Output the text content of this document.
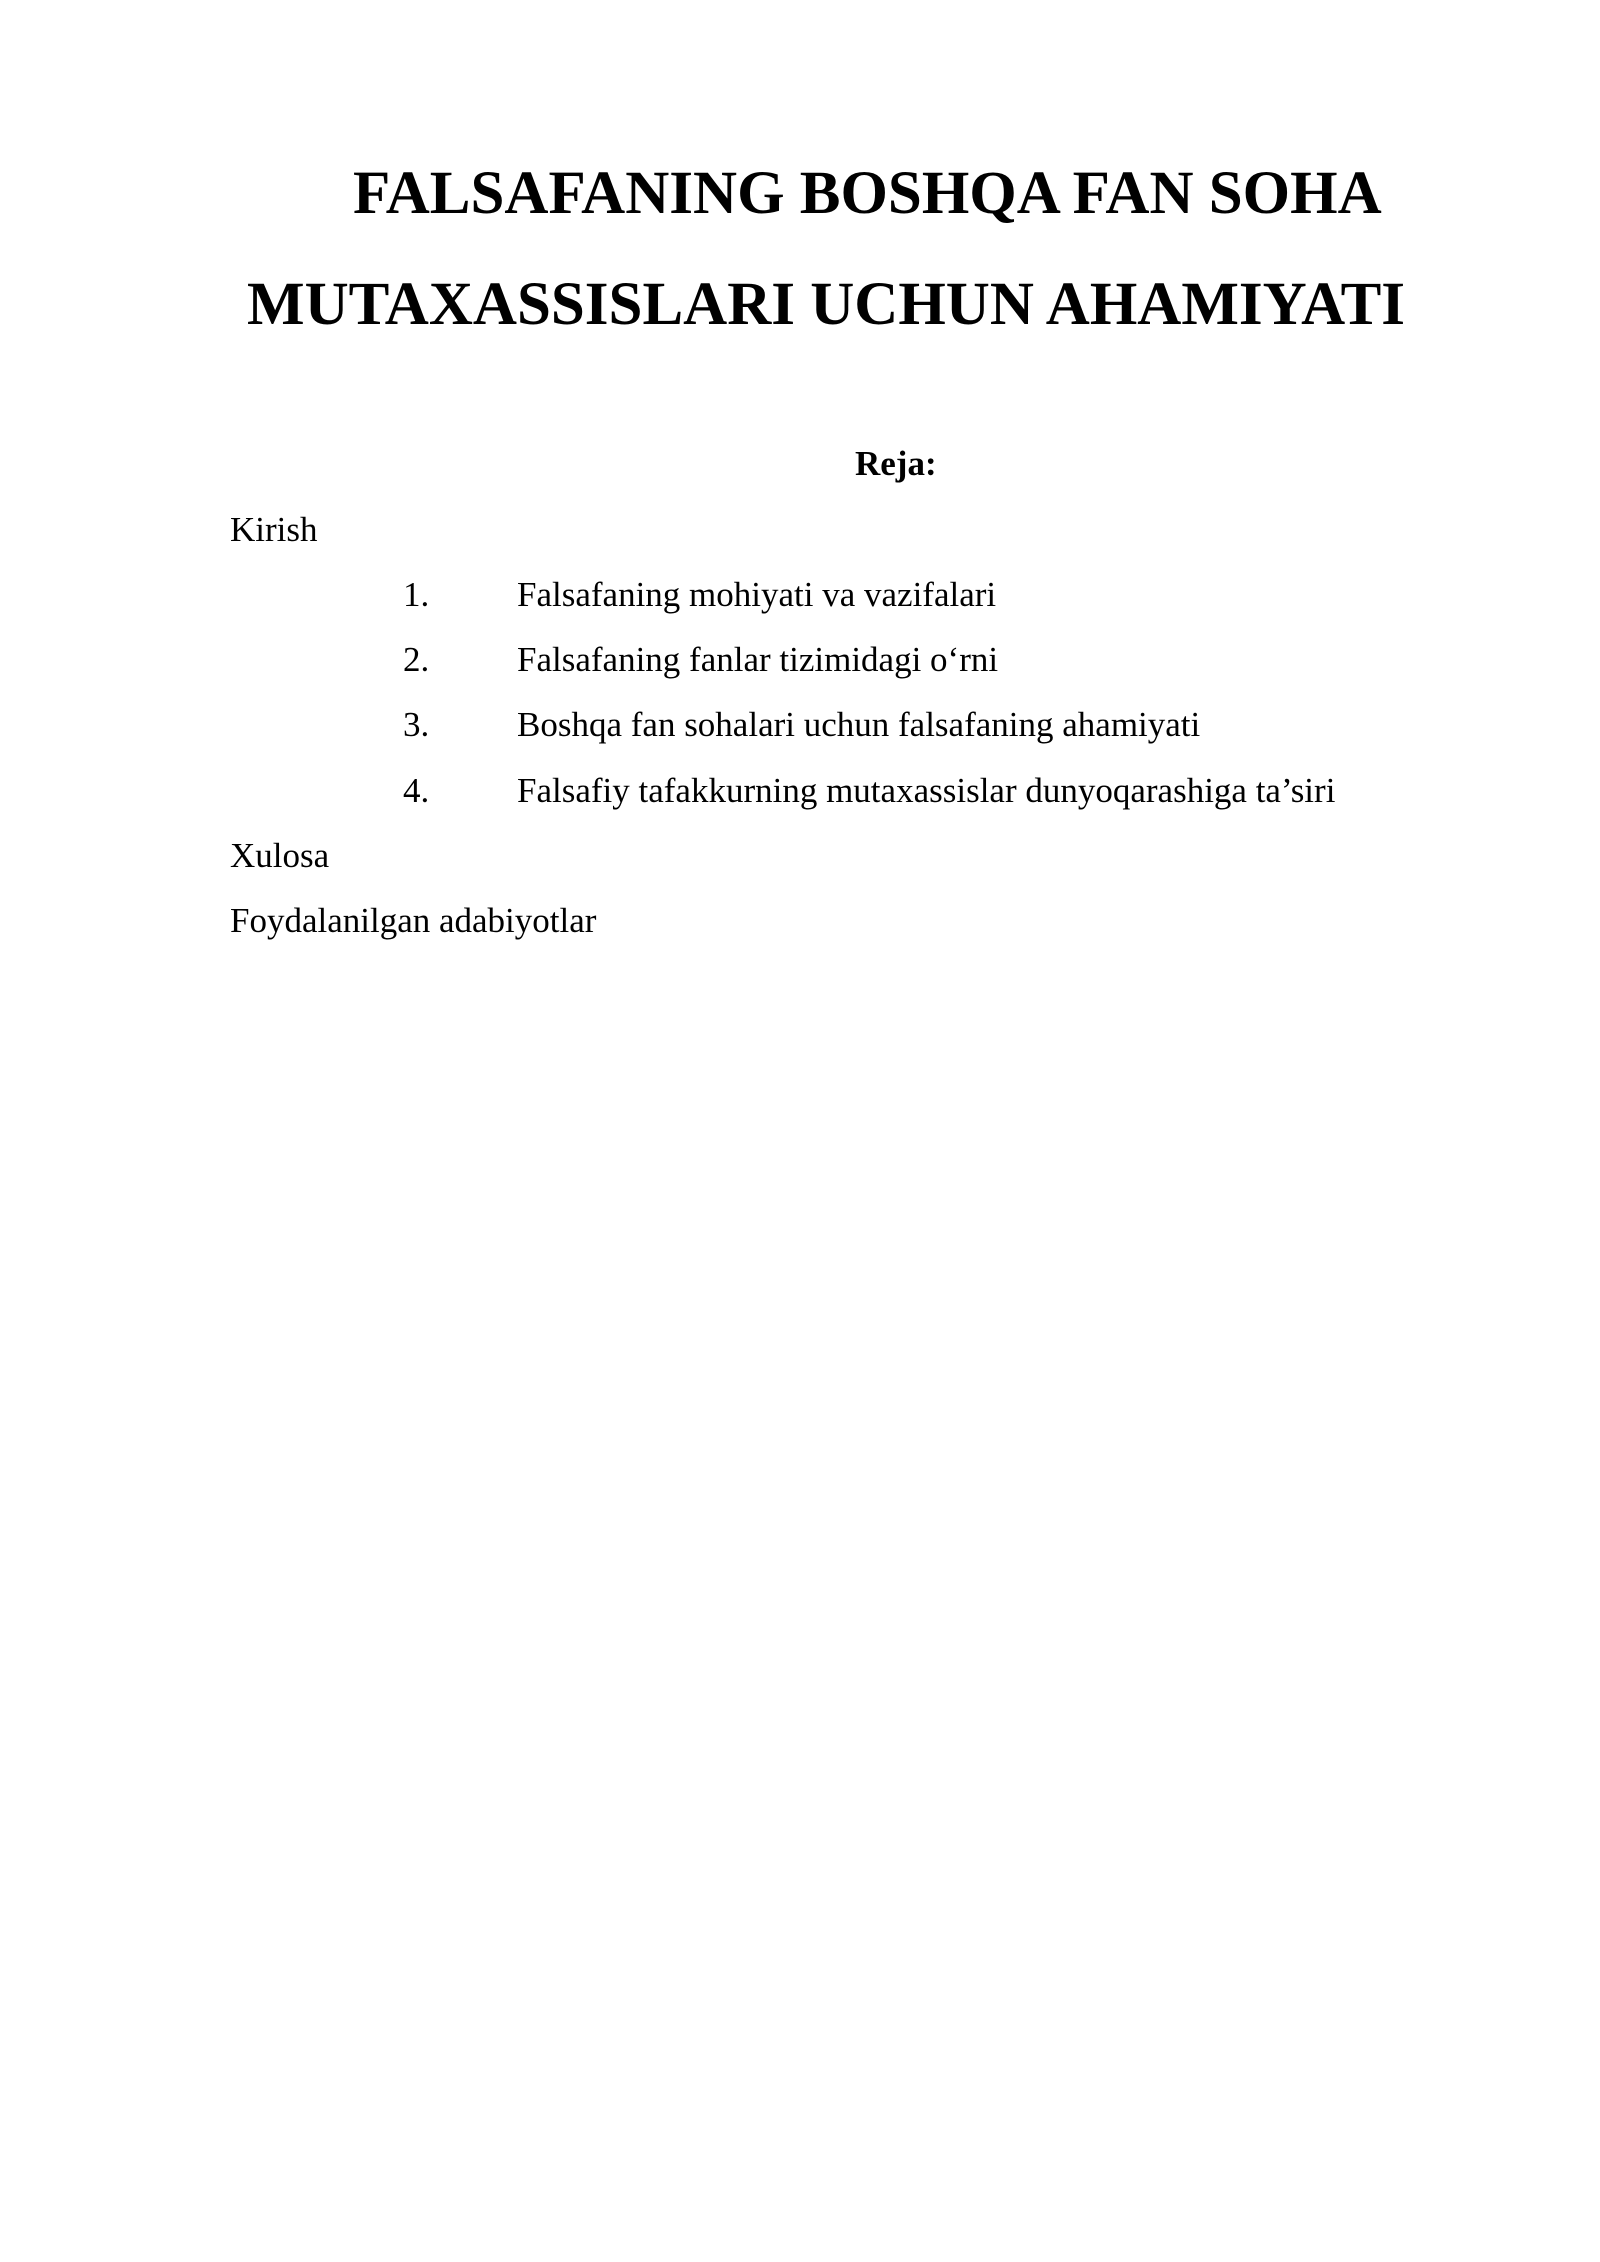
FALSAFANING BOSHQA FAN SOHA
MUTAXASSISLARI UCHUN AHAMIYATI
Reja:
Kirish
1.	Falsafaning mohiyati va vazifalari
2.	Falsafaning fanlar tizimidagi o‘rni
3.	Boshqa fan sohalari uchun falsafaning ahamiyati
4.	Falsafiy tafakkurning mutaxassislar dunyoqarashiga ta’siri
Xulosa
Foydalanilgan adabiyotlar
